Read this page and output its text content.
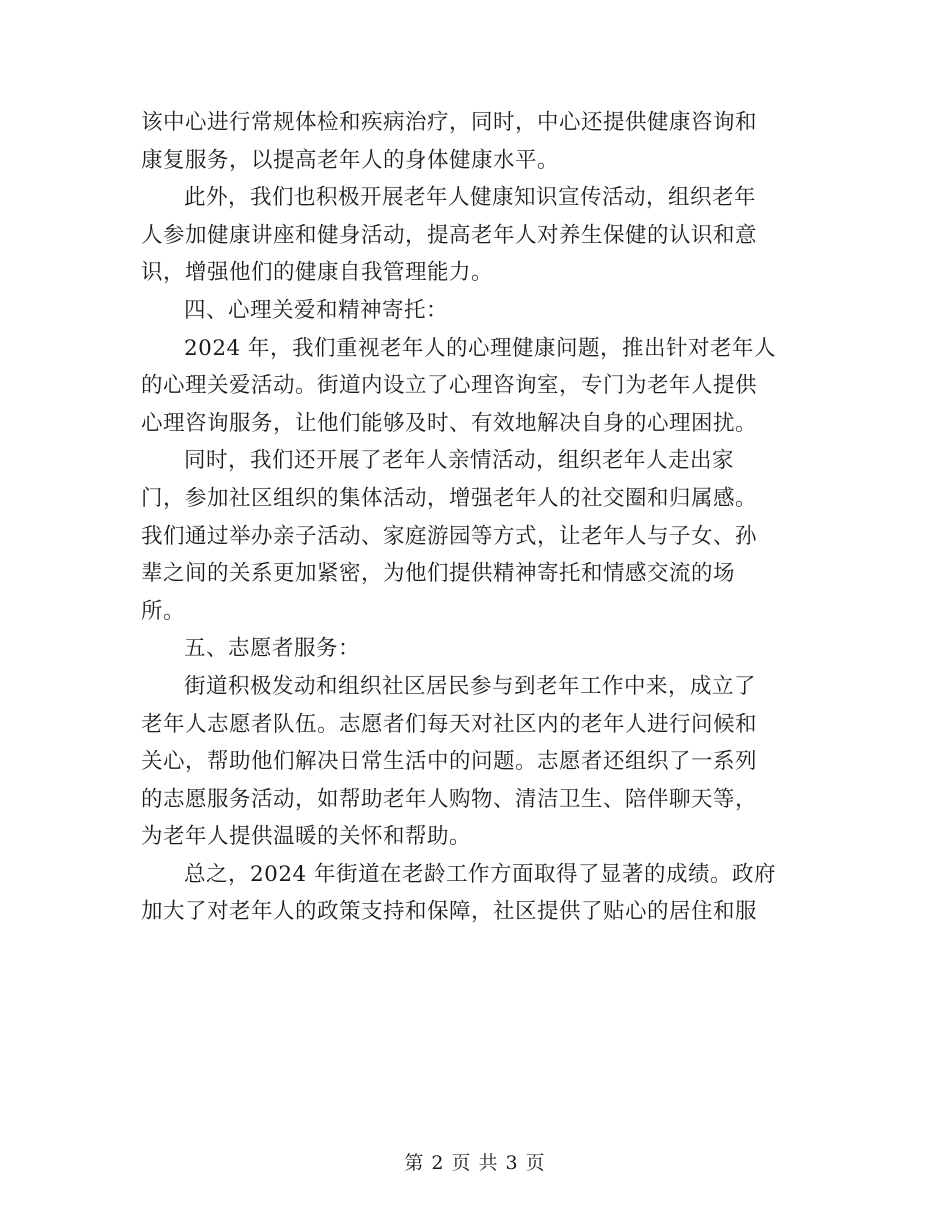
该中心进行常规体检和疾病治疗，同时，中心还提供健康咨询和
康复服务，以提高老年人的身体健康水平。
此外，我们也积极开展老年人健康知识宣传活动，组织老年
人参加健康讲座和健身活动，提高老年人对养生保健的认识和意
识，增强他们的健康自我管理能力。
四、心理关爱和精神寄托：
2024 年，我们重视老年人的心理健康问题，推出针对老年人
的心理关爱活动。街道内设立了心理咨询室，专门为老年人提供
心理咨询服务，让他们能够及时、有效地解决自身的心理困扰。
同时，我们还开展了老年人亲情活动，组织老年人走出家
门，参加社区组织的集体活动，增强老年人的社交圈和归属感。
我们通过举办亲子活动、家庭游园等方式，让老年人与子女、孙
辈之间的关系更加紧密，为他们提供精神寄托和情感交流的场
所。
五、志愿者服务：
街道积极发动和组织社区居民参与到老年工作中来，成立了
老年人志愿者队伍。志愿者们每天对社区内的老年人进行问候和
关心，帮助他们解决日常生活中的问题。志愿者还组织了一系列
的志愿服务活动，如帮助老年人购物、清洁卫生、陪伴聊天等，
为老年人提供温暖的关怀和帮助。
总之，2024 年街道在老龄工作方面取得了显著的成绩。政府
加大了对老年人的政策支持和保障，社区提供了贴心的居住和服
第 2 页 共 3 页
